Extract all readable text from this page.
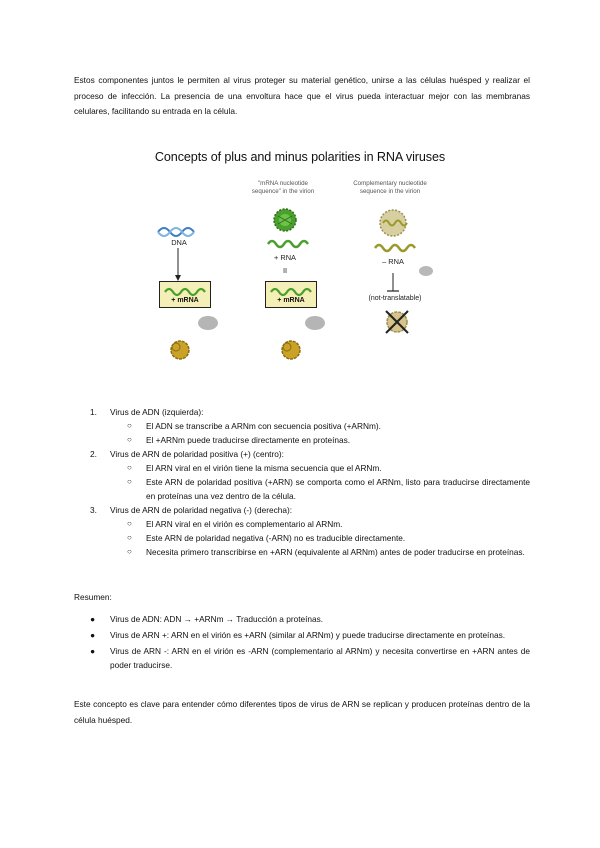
Estos componentes juntos le permiten al virus proteger su material genético, unirse a las células huésped y realizar el proceso de infección. La presencia de una envoltura hace que el virus pueda interactuar mejor con las membranas celulares, facilitando su entrada en la célula.

Concepts of plus and minus polarities in RNA viruses
"mRNA nucleotide
sequence" in the virion
Complementary nucleotide
sequence in the virion
DNA
+ RNA
II
– RNA
(not-translatable)
+ mRNA	+ mRNA
1.	Virus de ADN (izquierda):
○ El ADN se transcribe a ARNm con secuencia positiva (+ARNm).
○ El +ARNm puede traducirse directamente en proteínas.
2.	Virus de ARN de polaridad positiva (+) (centro):
○ El ARN viral en el virión tiene la misma secuencia que el ARNm.
○ Este ARN de polaridad positiva (+ARN) se comporta como el ARNm, listo para traducirse directamente en proteínas una vez dentro de la célula.
3.	Virus de ARN de polaridad negativa (-) (derecha):
○ El ARN viral en el virión es complementario al ARNm.
○ Este ARN de polaridad negativa (-ARN) no es traducible directamente.
○ Necesita primero transcribirse en +ARN (equivalente al ARNm) antes de poder traducirse en proteínas.
Resumen:
● Virus de ADN: ADN → +ARNm → Traducción a proteínas.
● Virus de ARN +: ARN en el virión es +ARN (similar al ARNm) y puede traducirse directamente en proteínas.
● Virus de ARN -: ARN en el virión es -ARN (complementario al ARNm) y necesita convertirse en +ARN antes de poder traducirse.

Este concepto es clave para entender cómo diferentes tipos de virus de ARN se replican y producen proteínas dentro de la célula huésped.
